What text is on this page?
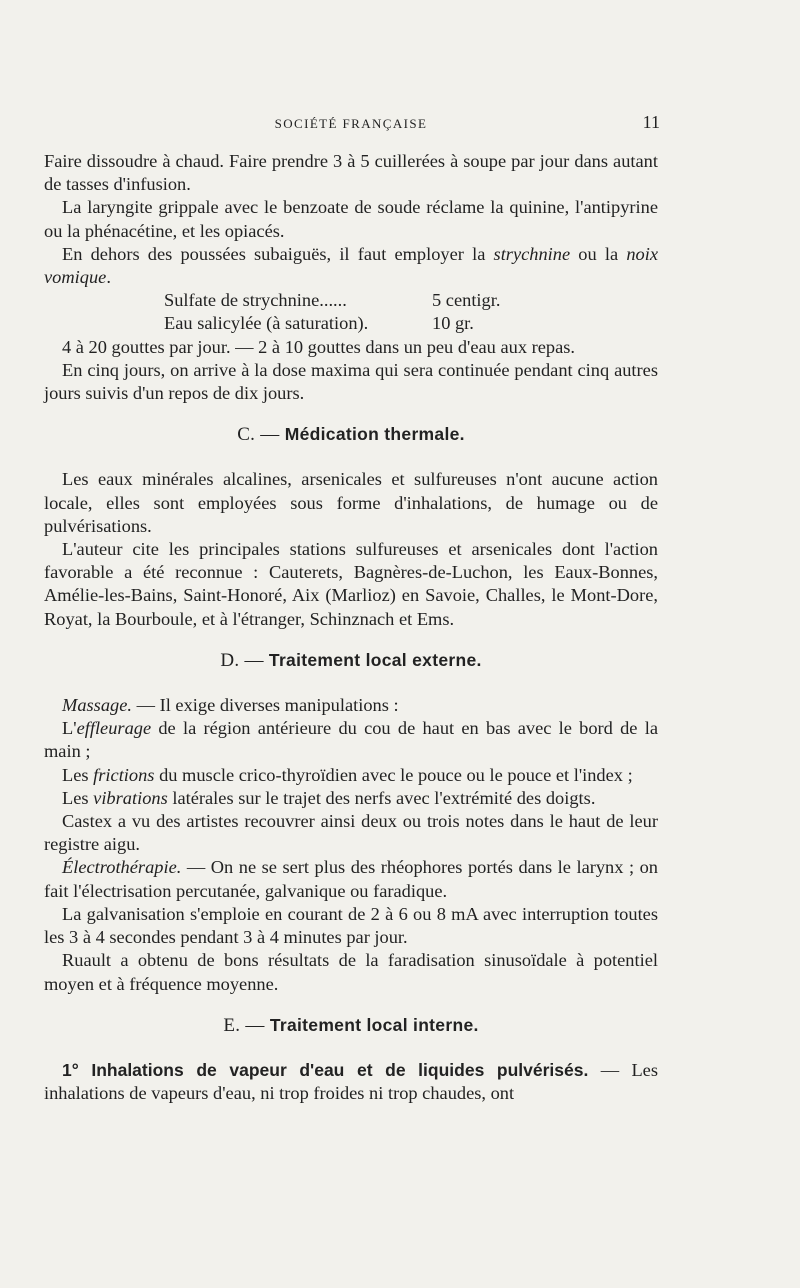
SOCIÉTÉ FRANÇAISE	11

Faire dissoudre à chaud. Faire prendre 3 à 5 cuillerées à soupe par jour dans autant de tasses d'infusion.

La laryngite grippale avec le benzoate de soude réclame la quinine, l'antipyrine ou la phénacétine, et les opiacés.

En dehors des poussées subaiguës, il faut employer la strychnine ou la noix vomique.

Sulfate de strychnine......	5 centigr.
Eau salicylée (à saturation).	10 gr.

4 à 20 gouttes par jour. — 2 à 10 gouttes dans un peu d'eau aux repas.

En cinq jours, on arrive à la dose maxima qui sera continuée pendant cinq autres jours suivis d'un repos de dix jours.

C. — Médication thermale.

Les eaux minérales alcalines, arsenicales et sulfureuses n'ont aucune action locale, elles sont employées sous forme d'inhalations, de humage ou de pulvérisations.

L'auteur cite les principales stations sulfureuses et arsenicales dont l'action favorable a été reconnue : Cauterets, Bagnères-de-Luchon, les Eaux-Bonnes, Amélie-les-Bains, Saint-Honoré, Aix (Marlioz) en Savoie, Challes, le Mont-Dore, Royat, la Bourboule, et à l'étranger, Schinznach et Ems.

D. — Traitement local externe.

Massage. — Il exige diverses manipulations :

L'effleurage de la région antérieure du cou de haut en bas avec le bord de la main ;

Les frictions du muscle crico-thyroïdien avec le pouce ou le pouce et l'index ;

Les vibrations latérales sur le trajet des nerfs avec l'extrémité des doigts.

Castex a vu des artistes recouvrer ainsi deux ou trois notes dans le haut de leur registre aigu.

Électrothérapie. — On ne se sert plus des rhéophores portés dans le larynx ; on fait l'électrisation percutanée, galvanique ou faradique.

La galvanisation s'emploie en courant de 2 à 6 ou 8 mA avec interruption toutes les 3 à 4 secondes pendant 3 à 4 minutes par jour.

Ruault a obtenu de bons résultats de la faradisation sinusoïdale à potentiel moyen et à fréquence moyenne.

E. — Traitement local interne.

1° Inhalations de vapeur d'eau et de liquides pulvérisés. — Les inhalations de vapeurs d'eau, ni trop froides ni trop chaudes, ont
